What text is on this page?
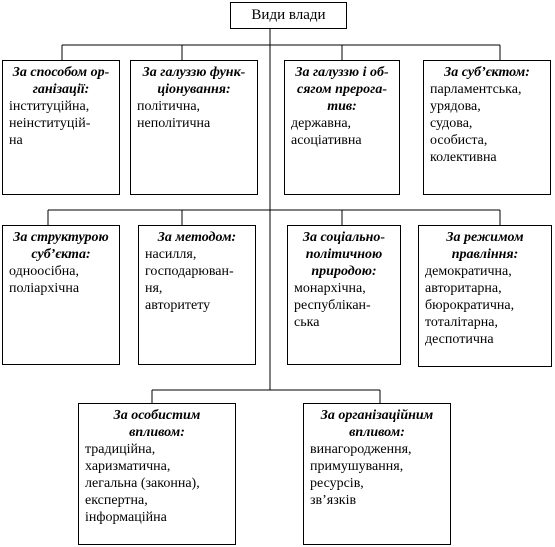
Види влади
За способом ор-
ганізації:
інституційна,
неінституцій-
на
За галуззю функ-
ціонування:
політична,
неполітична
За галуззю і об-
сягом прерога-
тив:
державна,
асоціативна
За суб’єктом:
парламентська,
урядова,
судова,
особиста,
колективна
За структурою
суб’єкта:
одноосібна,
поліархічна
За методом:
насилля,
господарюван-
ня,
авторитету
За соціально-
політичною
природою:
монархічна,
республікан-
ська
За режимом
правління:
демократична,
авторитарна,
бюрократична,
тоталітарна,
деспотична
За особистим
впливом:
традиційна,
харизматична,
легальна (законна),
експертна,
інформаційна
За організаційним
впливом:
винагородження,
примушування,
ресурсів,
зв’язків
